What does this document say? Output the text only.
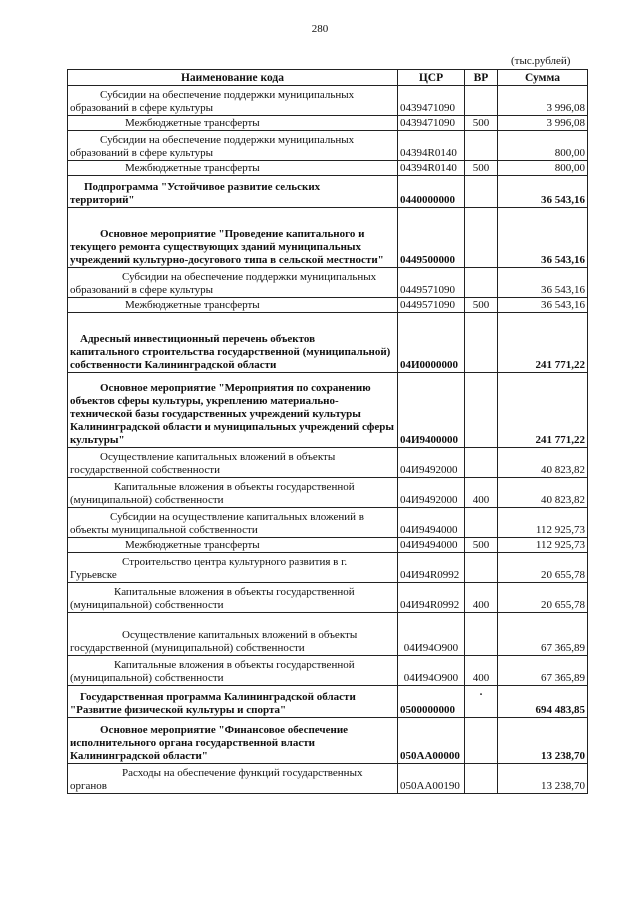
280
(тыс.рублей)
Наименование кода	ЦСР	ВР	Сумма

Субсидии на обеспечение поддержки муниципальных
образований в сфере культуры	0439471090		3 996,08
Межбюджетные трансферты	0439471090	500	3 996,08

Субсидии на обеспечение поддержки муниципальных
образований в сфере культуры	04394R0140		800,00
Межбюджетные трансферты	04394R0140	500	800,00

Подпрограмма "Устойчивое развитие сельских
территорий"	0440000000		36 543,16

Основное мероприятие "Проведение капитального и
текущего ремонта существующих зданий муниципальных учреждений культурно-досугового типа в сельской местности"	0449500000		36 543,16

Субсидии на обеспечение поддержки муниципальных
образований в сфере культуры	0449571090		36 543,16
Межбюджетные трансферты	0449571090	500	36 543,16

Адресный инвестиционный перечень объектов
капитального строительства государственной (муниципальной) собственности Калининградской области	04И0000000		241 771,22

Основное мероприятие "Мероприятия по сохранению
объектов сферы культуры, укреплению материально-технической базы государственных учреждений культуры Калининградской области и муниципальных учреждений сферы культуры"	04И9400000		241 771,22

Осуществление капитальных вложений в объекты
государственной собственности	04И9492000		40 823,82

Капитальные вложения в объекты государственной
(муниципальной) собственности	04И9492000	400	40 823,82

Субсидии на осуществление капитальных вложений в
объекты муниципальной собственности	04И9494000		112 925,73
Межбюджетные трансферты	04И9494000	500	112 925,73

Строительство центра культурного развития в г.
Гурьевске	04И94R0992		20 655,78

Капитальные вложения в объекты государственной
(муниципальной) собственности	04И94R0992	400	20 655,78

Осуществление капитальных вложений в объекты
государственной (муниципальной) собственности	04И94О900		67 365,89

Капитальные вложения в объекты государственной
(муниципальной) собственности	04И94О900	400	67 365,89

Государственная программа Калининградской области
"Развитие физической культуры и спорта"	0500000000	.	694 483,85

Основное мероприятие "Финансовое обеспечение
исполнительного органа государственной власти Калининградской области"	050АА00000		13 238,70

Расходы на обеспечение функций государственных
органов	050АА00190		13 238,70
